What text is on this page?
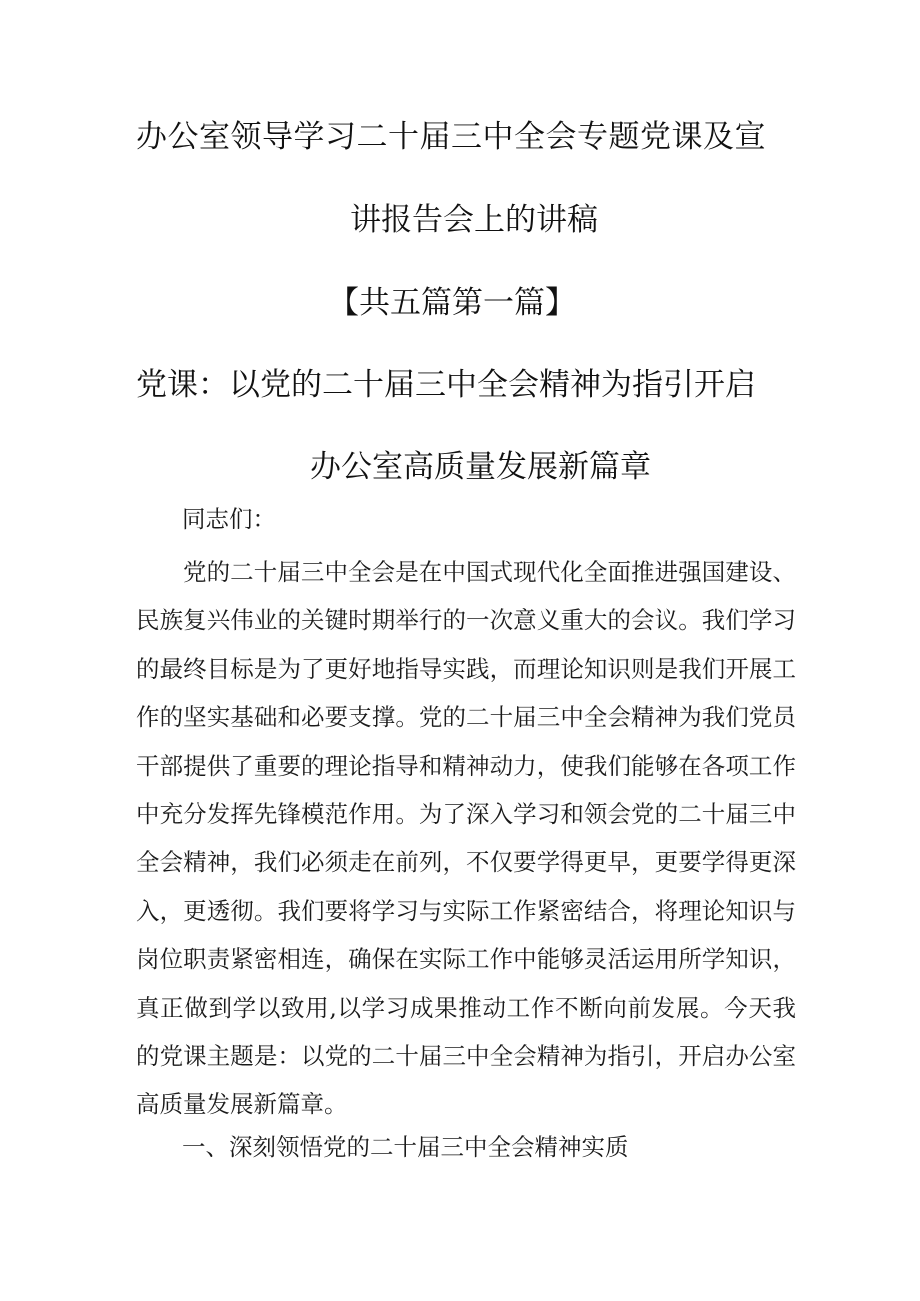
办公室领导学习二十届三中全会专题党课及宣
讲报告会上的讲稿
【共五篇第一篇】
党课：以党的二十届三中全会精神为指引开启
办公室高质量发展新篇章
同志们：
党的二十届三中全会是在中国式现代化全面推进强国建设、民族复兴伟业的关键时期举行的一次意义重大的会议。我们学习的最终目标是为了更好地指导实践，而理论知识则是我们开展工作的坚实基础和必要支撑。党的二十届三中全会精神为我们党员干部提供了重要的理论指导和精神动力，使我们能够在各项工作中充分发挥先锋模范作用。为了深入学习和领会党的二十届三中全会精神，我们必须走在前列，不仅要学得更早，更要学得更深入，更透彻。我们要将学习与实际工作紧密结合，将理论知识与岗位职责紧密相连，确保在实际工作中能够灵活运用所学知识，真正做到学以致用,以学习成果推动工作不断向前发展。今天我的党课主题是：以党的二十届三中全会精神为指引，开启办公室高质量发展新篇章。
一、深刻领悟党的二十届三中全会精神实质
